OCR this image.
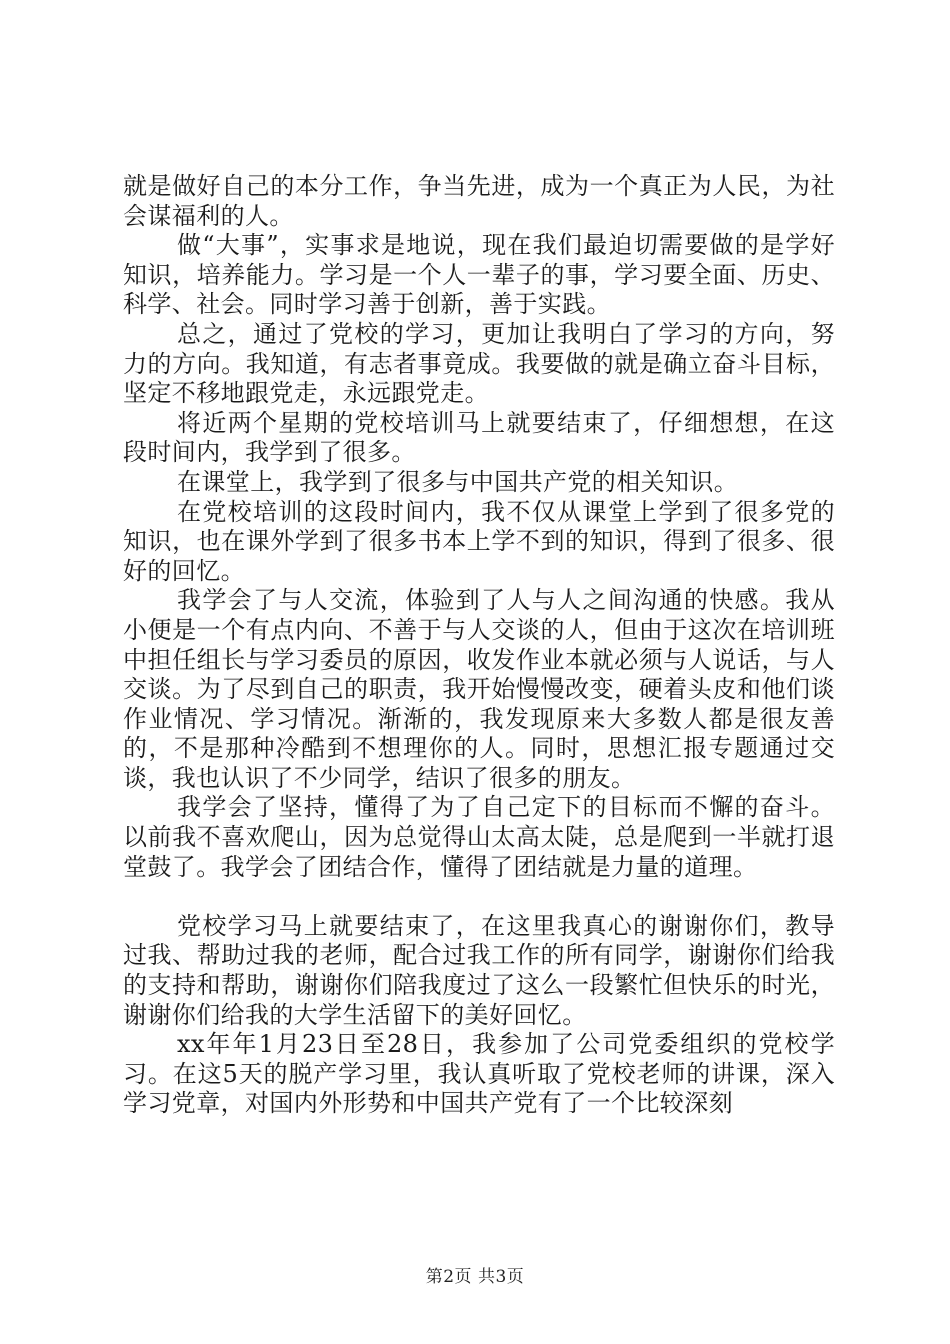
就是做好自己的本分工作，争当先进，成为一个真正为人民，为社会谋福利的人。

做“大事”，实事求是地说，现在我们最迫切需要做的是学好知识，培养能力。学习是一个人一辈子的事，学习要全面、历史、科学、社会。同时学习善于创新，善于实践。

总之，通过了党校的学习，更加让我明白了学习的方向，努力的方向。我知道，有志者事竟成。我要做的就是确立奋斗目标，坚定不移地跟党走，永远跟党走。

将近两个星期的党校培训马上就要结束了，仔细想想，在这段时间内，我学到了很多。

在课堂上，我学到了很多与中国共产党的相关知识。

在党校培训的这段时间内，我不仅从课堂上学到了很多党的知识，也在课外学到了很多书本上学不到的知识，得到了很多、很好的回忆。

我学会了与人交流，体验到了人与人之间沟通的快感。我从小便是一个有点内向、不善于与人交谈的人，但由于这次在培训班中担任组长与学习委员的原因，收发作业本就必须与人说话，与人交谈。为了尽到自己的职责，我开始慢慢改变，硬着头皮和他们谈作业情况、学习情况。渐渐的，我发现原来大多数人都是很友善的，不是那种冷酷到不想理你的人。同时，思想汇报专题通过交谈，我也认识了不少同学，结识了很多的朋友。

我学会了坚持，懂得了为了自己定下的目标而不懈的奋斗。以前我不喜欢爬山，因为总觉得山太高太陡，总是爬到一半就打退堂鼓了。我学会了团结合作，懂得了团结就是力量的道理。

党校学习马上就要结束了，在这里我真心的谢谢你们，教导过我、帮助过我的老师，配合过我工作的所有同学，谢谢你们给我的支持和帮助，谢谢你们陪我度过了这么一段繁忙但快乐的时光，谢谢你们给我的大学生活留下的美好回忆。

xx年年1月23日至28日，我参加了公司党委组织的党校学习。在这5天的脱产学习里，我认真听取了党校老师的讲课，深入学习党章，对国内外形势和中国共产党有了一个比较深刻

第2页 共3页
